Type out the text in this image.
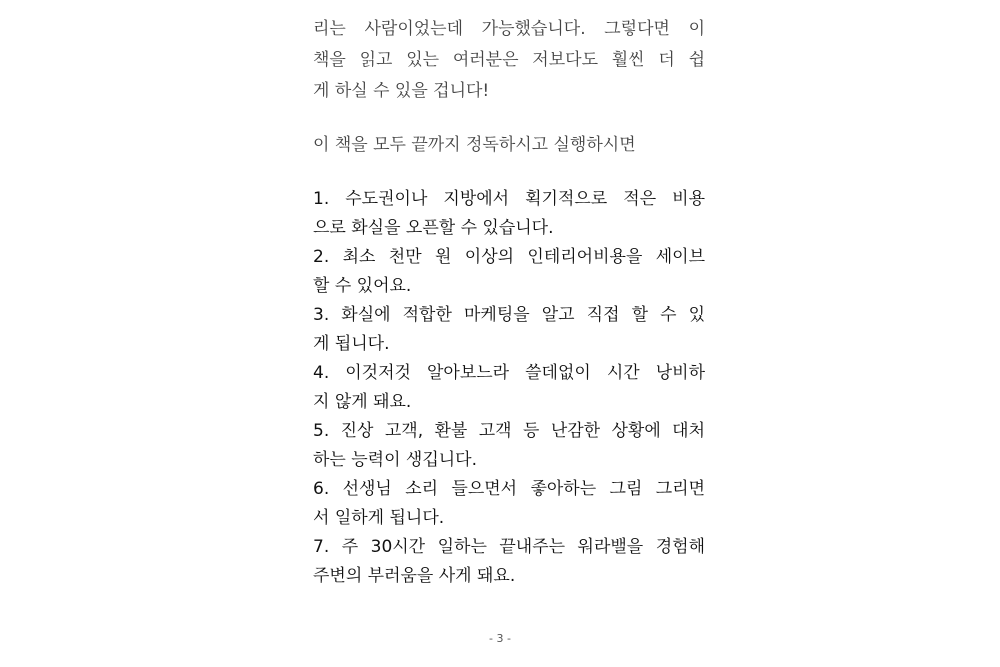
리는 사람이었는데 가능했습니다. 그렇다면 이
책을 읽고 있는 여러분은 저보다도 훨씬 더 쉽
게 하실 수 있을 겁니다!
이 책을 모두 끝까지 정독하시고 실행하시면
1. 수도권이나 지방에서 획기적으로 적은 비용
으로 화실을 오픈할 수 있습니다.
2. 최소 천만 원 이상의 인테리어비용을 세이브
할 수 있어요.
3. 화실에 적합한 마케팅을 알고 직접 할 수 있
게 됩니다.
4. 이것저것 알아보느라 쓸데없이 시간 낭비하
지 않게 돼요.
5. 진상 고객, 환불 고객 등 난감한 상황에 대처
하는 능력이 생깁니다.
6. 선생님 소리 들으면서 좋아하는 그림 그리면
서 일하게 됩니다.
7. 주 30시간 일하는 끝내주는 워라밸을 경험해
주변의 부러움을 사게 돼요.
- 3 -
